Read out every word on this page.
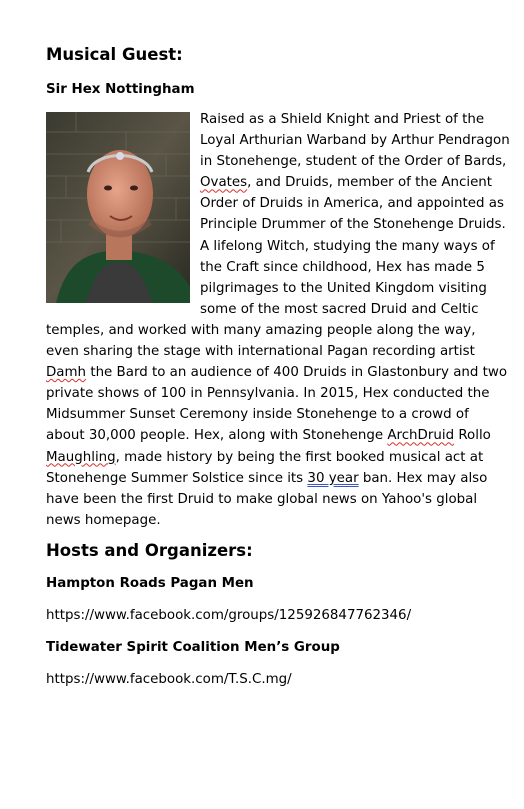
Musical Guest:

Sir Hex Nottingham

Raised as a Shield Knight and Priest of the Loyal Arthurian Warband by Arthur Pendragon in Stonehenge, student of the Order of Bards, Ovates, and Druids, member of the Ancient Order of Druids in America, and appointed as Principle Drummer of the Stonehenge Druids. A lifelong Witch, studying the many ways of the Craft since childhood, Hex has made 5 pilgrimages to the United Kingdom visiting some of the most sacred Druid and Celtic temples, and worked with many amazing people along the way, even sharing the stage with international Pagan recording artist Damh the Bard to an audience of 400 Druids in Glastonbury and two private shows of 100 in Pennsylvania. In 2015, Hex conducted the Midsummer Sunset Ceremony inside Stonehenge to a crowd of about 30,000 people. Hex, along with Stonehenge ArchDruid Rollo Maughling, made history by being the first booked musical act at Stonehenge Summer Solstice since its 30 year ban. Hex may also have been the first Druid to make global news on Yahoo's global news homepage.

Hosts and Organizers:

Hampton Roads Pagan Men

https://www.facebook.com/groups/125926847762346/

Tidewater Spirit Coalition Men’s Group

https://www.facebook.com/T.S.C.mg/
